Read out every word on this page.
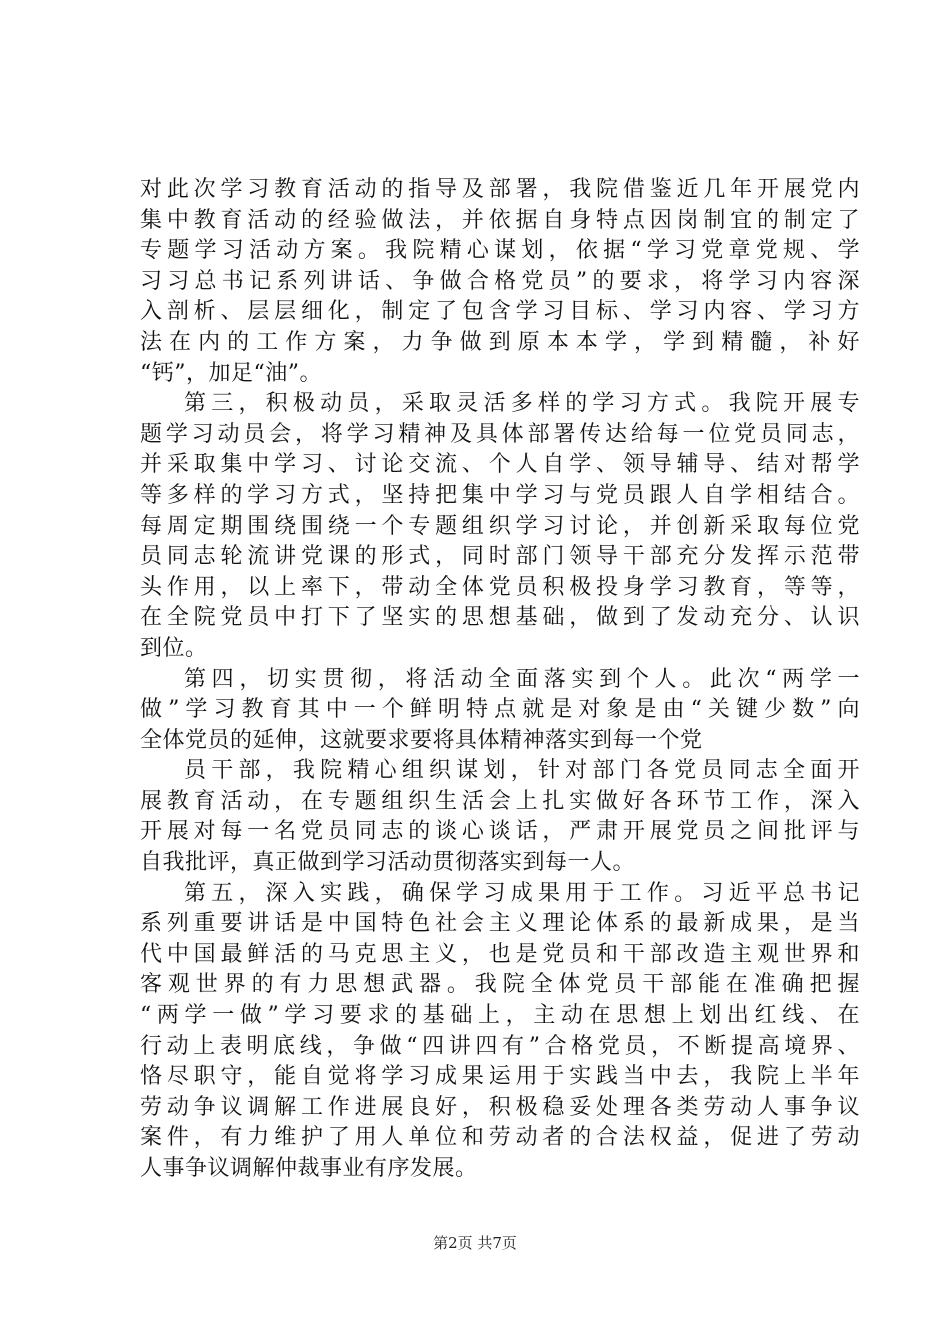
对此次学习教育活动的指导及部署，我院借鉴近几年开展党内
集中教育活动的经验做法，并依据自身特点因岗制宜的制定了
专题学习活动方案。我院精心谋划，依据“学习党章党规、学
习习总书记系列讲话、争做合格党员”的要求，将学习内容深
入剖析、层层细化，制定了包含学习目标、学习内容、学习方
法在内的工作方案，力争做到原本本学，学到精髓，补好
“钙”，加足“油”。
第三，积极动员，采取灵活多样的学习方式。我院开展专
题学习动员会，将学习精神及具体部署传达给每一位党员同志，
并采取集中学习、讨论交流、个人自学、领导辅导、结对帮学
等多样的学习方式，坚持把集中学习与党员跟人自学相结合。
每周定期围绕围绕一个专题组织学习讨论，并创新采取每位党
员同志轮流讲党课的形式，同时部门领导干部充分发挥示范带
头作用，以上率下，带动全体党员积极投身学习教育，等等，
在全院党员中打下了坚实的思想基础，做到了发动充分、认识
到位。
第四，切实贯彻，将活动全面落实到个人。此次“两学一
做”学习教育其中一个鲜明特点就是对象是由“关键少数”向
全体党员的延伸，这就要求要将具体精神落实到每一个党
员干部，我院精心组织谋划，针对部门各党员同志全面开
展教育活动，在专题组织生活会上扎实做好各环节工作，深入
开展对每一名党员同志的谈心谈话，严肃开展党员之间批评与
自我批评，真正做到学习活动贯彻落实到每一人。
第五，深入实践，确保学习成果用于工作。习近平总书记
系列重要讲话是中国特色社会主义理论体系的最新成果，是当
代中国最鲜活的马克思主义，也是党员和干部改造主观世界和
客观世界的有力思想武器。我院全体党员干部能在准确把握
“两学一做”学习要求的基础上，主动在思想上划出红线、在
行动上表明底线，争做“四讲四有”合格党员，不断提高境界、
恪尽职守，能自觉将学习成果运用于实践当中去，我院上半年
劳动争议调解工作进展良好，积极稳妥处理各类劳动人事争议
案件，有力维护了用人单位和劳动者的合法权益，促进了劳动
人事争议调解仲裁事业有序发展。
第2页 共7页
